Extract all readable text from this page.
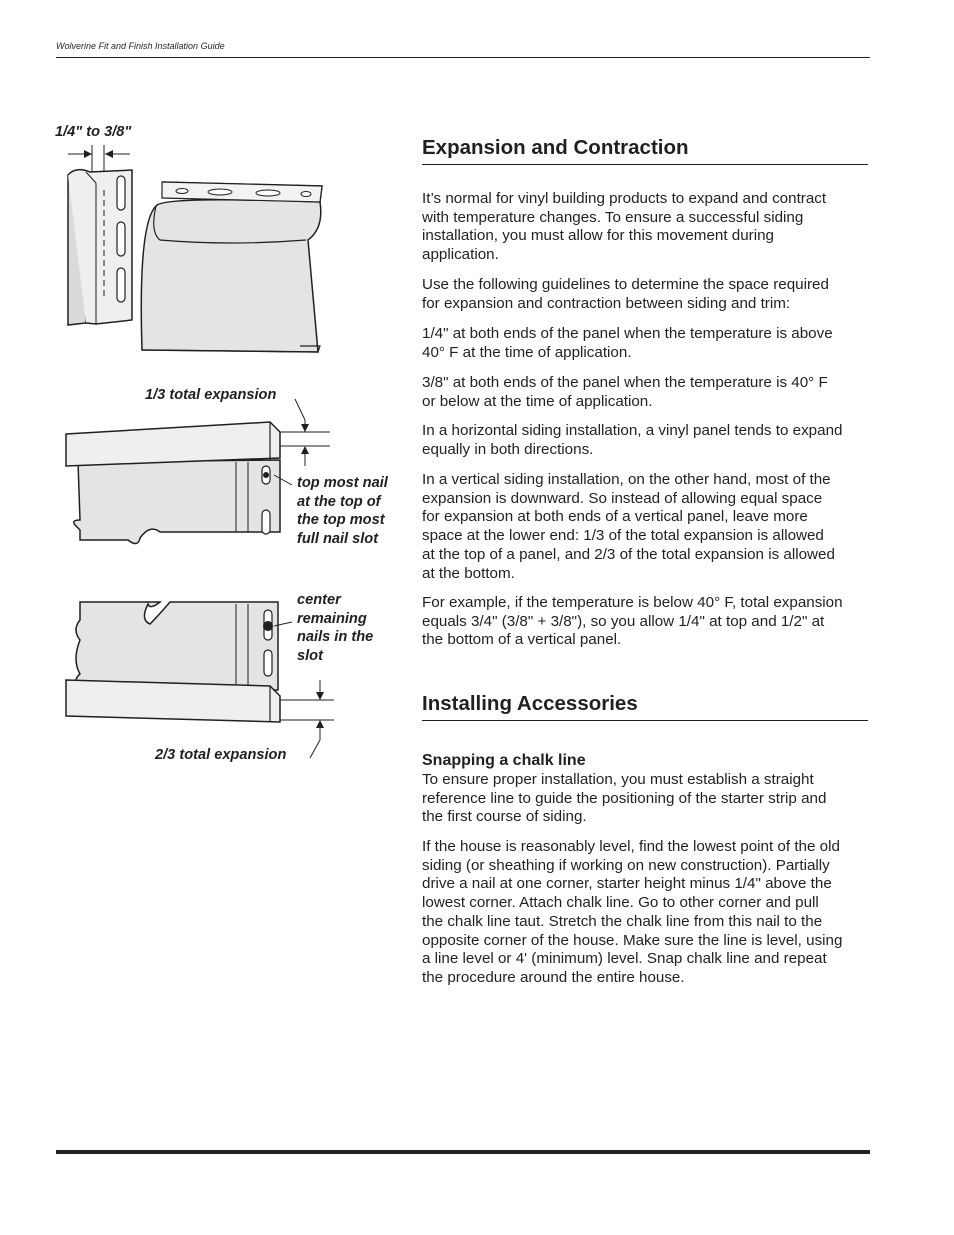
Wolverine Fit and Finish Installation Guide

1/4" to 3/8"

1/3 total expansion

top most nail
at the top of
the top most
full nail slot
center
remaining
nails in the
slot

2/3 total expansion

Expansion and Contraction
It’s normal for vinyl building products to expand and contract
with temperature changes. To ensure a successful siding
installation, you must allow for this movement during
application.
Use the following guidelines to determine the space required
for expansion and contraction between siding and trim:
1/4" at both ends of the panel when the temperature is above
40° F at the time of application.
3/8" at both ends of the panel when the temperature is 40° F
or below at the time of application.
In a horizontal siding installation, a vinyl panel tends to expand
equally in both directions.
In a vertical siding installation, on the other hand, most of the
expansion is downward. So instead of allowing equal space
for expansion at both ends of a vertical panel, leave more
space at the lower end: 1/3 of the total expansion is allowed
at the top of a panel, and 2/3 of the total expansion is allowed
at the bottom.
For example, if the temperature is below 40° F, total expansion
equals 3/4" (3/8" + 3/8"), so you allow 1/4" at top and 1/2" at
the bottom of a vertical panel.
Installing Accessories
Snapping a chalk line
To ensure proper installation, you must establish a straight
reference line to guide the positioning of the starter strip and
the first course of siding.
If the house is reasonably level, find the lowest point of the old
siding (or sheathing if working on new construction). Partially
drive a nail at one corner, starter height minus 1/4" above the
lowest corner. Attach chalk line. Go to other corner and pull
the chalk line taut. Stretch the chalk line from this nail to the
opposite corner of the house. Make sure the line is level, using
a line level or 4' (minimum) level. Snap chalk line and repeat
the procedure around the entire house.
